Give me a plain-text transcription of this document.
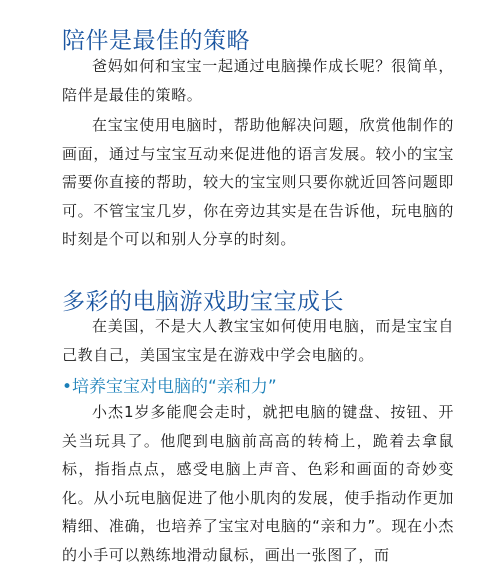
陪伴是最佳的策略

爸妈如何和宝宝一起通过电脑操作成长呢？很简单，陪伴是最佳的策略。

在宝宝使用电脑时，帮助他解决问题，欣赏他制作的画面，通过与宝宝互动来促进他的语言发展。较小的宝宝需要你直接的帮助，较大的宝宝则只要你就近回答问题即可。不管宝宝几岁，你在旁边其实是在告诉他，玩电脑的时刻是个可以和别人分享的时刻。

多彩的电脑游戏助宝宝成长

在美国，不是大人教宝宝如何使用电脑，而是宝宝自己教自己，美国宝宝是在游戏中学会电脑的。

•培养宝宝对电脑的“亲和力”

小杰1岁多能爬会走时，就把电脑的键盘、按钮、开关当玩具了。他爬到电脑前高高的转椅上，跪着去拿鼠标，指指点点，感受电脑上声音、色彩和画面的奇妙变化。从小玩电脑促进了他小肌肉的发展，使手指动作更加精细、准确，也培养了宝宝对电脑的“亲和力”。现在小杰的小手可以熟练地滑动鼠标，画出一张图了，而
